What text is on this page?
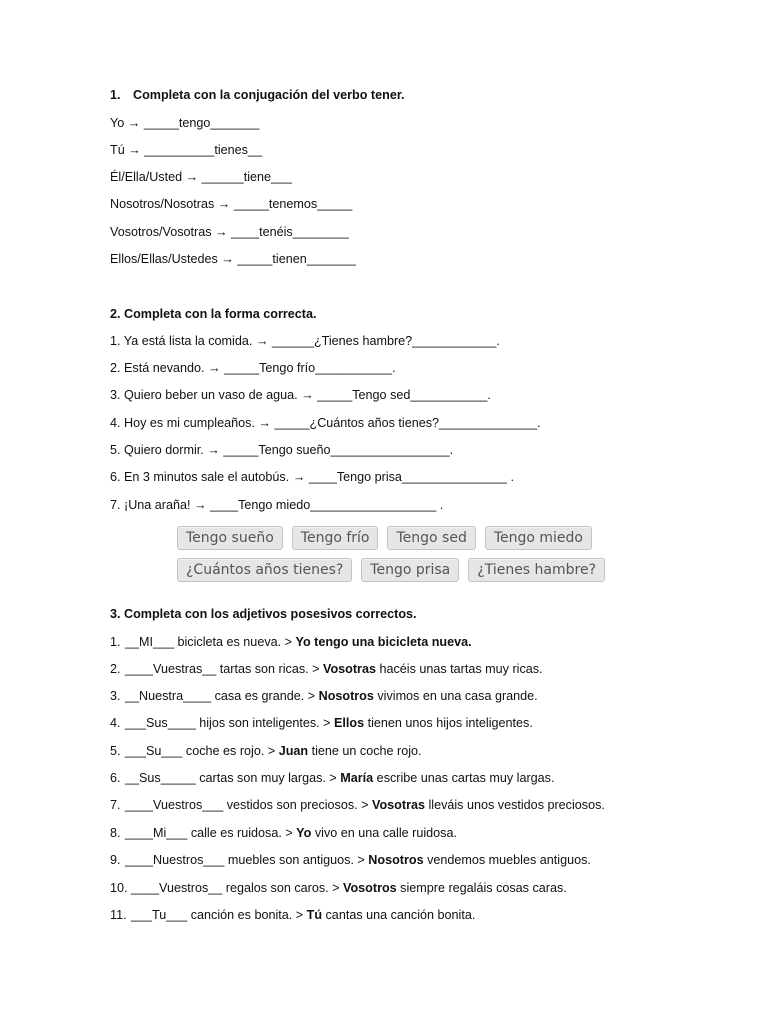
1. Completa con la conjugación del verbo tener.
Yo → _____tengo_______
Tú → __________tienes__
Él/Ella/Usted → ______tiene___
Nosotros/Nosotras → _____tenemos_____
Vosotros/Vosotras → ____tenéis________
Ellos/Ellas/Ustedes → _____tienen_______
2. Completa con la forma correcta.
1. Ya está lista la comida. → ______¿Tienes hambre?____________.
2. Está nevando. → _____Tengo frío___________.
3. Quiero beber un vaso de agua. → _____Tengo sed___________.
4. Hoy es mi cumpleaños. → _____¿Cuántos años tienes?______________.
5. Quiero dormir. → _____Tengo sueño_________________.
6. En 3 minutos sale el autobús. → ____Tengo prisa_______________ .
7. ¡Una araña! → ____Tengo miedo__________________ .
Tengo sueño	Tengo frío	Tengo sed	Tengo miedo
¿Cuántos años tienes?	Tengo prisa	¿Tienes hambre?
3. Completa con los adjetivos posesivos correctos.
1. __MI___ bicicleta es nueva. > Yo tengo una bicicleta nueva.
2. ____Vuestras__ tartas son ricas. > Vosotras hacéis unas tartas muy ricas.
3. __Nuestra____ casa es grande. > Nosotros vivimos en una casa grande.
4. ___Sus____ hijos son inteligentes. > Ellos tienen unos hijos inteligentes.
5. ___Su___ coche es rojo. > Juan tiene un coche rojo.
6. __Sus_____ cartas son muy largas. > María escribe unas cartas muy largas.
7. ____Vuestros___ vestidos son preciosos. > Vosotras lleváis unos vestidos preciosos.
8. ____Mi___ calle es ruidosa. > Yo vivo en una calle ruidosa.
9. ____Nuestros___ muebles son antiguos. > Nosotros vendemos muebles antiguos.
10. ____Vuestros__ regalos son caros. > Vosotros siempre regaláis cosas caras.
11. ___Tu___ canción es bonita. > Tú cantas una canción bonita.
